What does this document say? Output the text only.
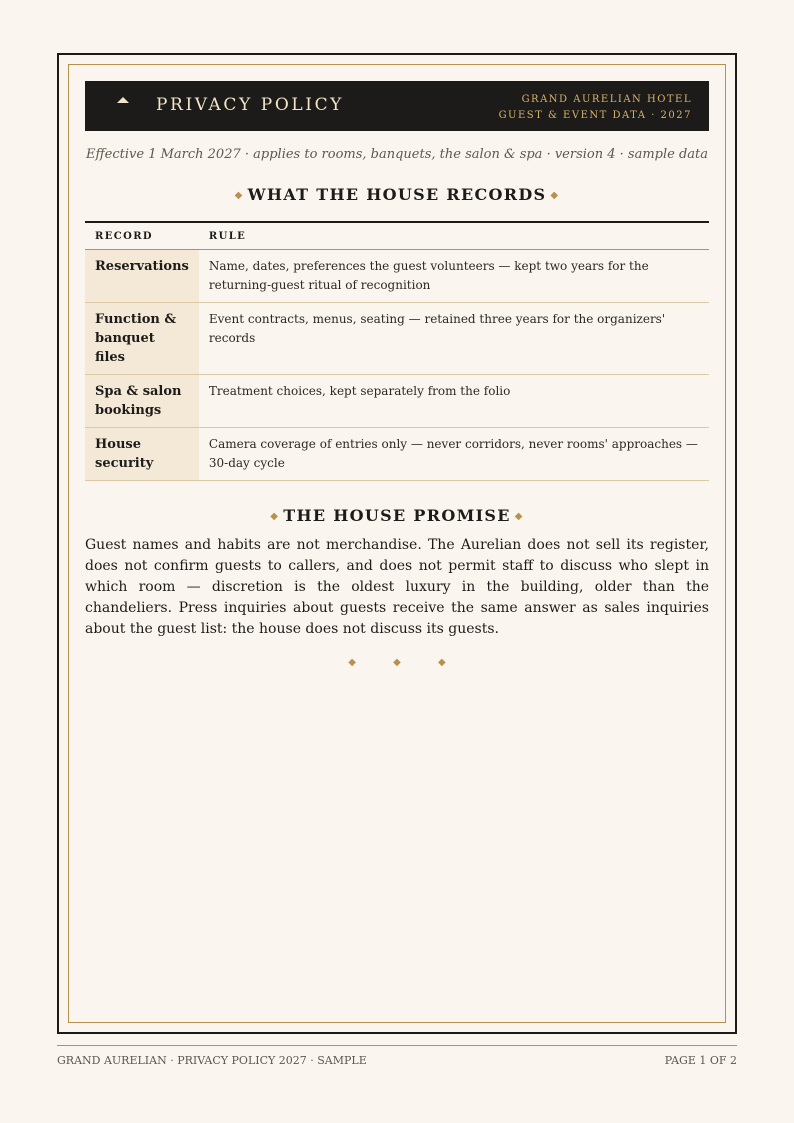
PRIVACY POLICY	GRAND AURELIAN HOTEL
GUEST & EVENT DATA · 2027
Effective 1 March 2027 · applies to rooms, banquets, the salon & spa · version 4 · sample data
◆ WHAT THE HOUSE RECORDS ◆
RECORD	RULE
Reservations	Name, dates, preferences the guest volunteers — kept two years for the returning-guest ritual of recognition
Function & banquet files	Event contracts, menus, seating — retained three years for the organizers' records
Spa & salon bookings	Treatment choices, kept separately from the folio
House security	Camera coverage of entries only — never corridors, never rooms' approaches — 30-day cycle
◆ THE HOUSE PROMISE ◆

Guest names and habits are not merchandise. The Aurelian does not sell its register, does not confirm guests to callers, and does not permit staff to discuss who slept in which room — discretion is the oldest luxury in the building, older than the chandeliers. Press inquiries about guests receive the same answer as sales inquiries about the guest list: the house does not discuss its guests.

◆ ◆ ◆
GRAND AURELIAN · PRIVACY POLICY 2027 · SAMPLE	PAGE 1 OF 2
